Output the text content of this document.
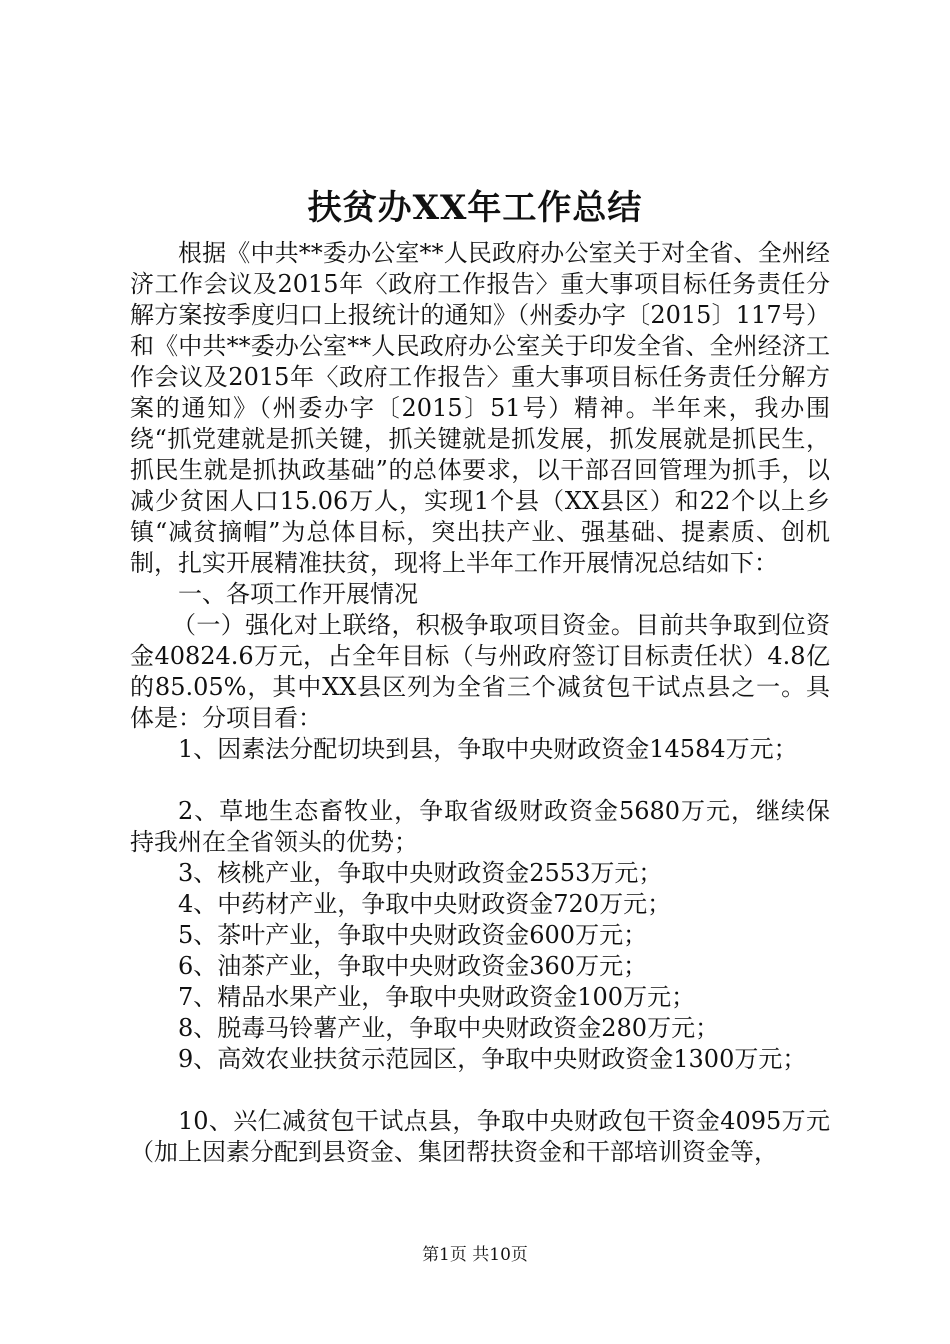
扶贫办XX年工作总结

根据《中共**委办公室**人民政府办公室关于对全省、全州经济工作会议及2015年〈政府工作报告〉重大事项目标任务责任分解方案按季度归口上报统计的通知》（州委办字〔2015〕117号）和《中共**委办公室**人民政府办公室关于印发全省、全州经济工作会议及2015年〈政府工作报告〉重大事项目标任务责任分解方案的通知》（州委办字〔2015〕51号）精神。半年来，我办围绕“抓党建就是抓关键，抓关键就是抓发展，抓发展就是抓民生，抓民生就是抓执政基础”的总体要求，以干部召回管理为抓手，以减少贫困人口15.06万人，实现1个县（XX县区）和22个以上乡镇“减贫摘帽”为总体目标，突出扶产业、强基础、提素质、创机制，扎实开展精准扶贫，现将上半年工作开展情况总结如下：

一、各项工作开展情况

（一）强化对上联络，积极争取项目资金。目前共争取到位资金40824.6万元，占全年目标（与州政府签订目标责任状）4.8亿的85.05%，其中XX县区列为全省三个减贫包干试点县之一。具体是：分项目看：

1、因素法分配切块到县，争取中央财政资金14584万元；

2、草地生态畜牧业，争取省级财政资金5680万元，继续保持我州在全省领头的优势；

3、核桃产业，争取中央财政资金2553万元；

4、中药材产业，争取中央财政资金720万元；

5、茶叶产业，争取中央财政资金600万元；

6、油茶产业，争取中央财政资金360万元；

7、精品水果产业，争取中央财政资金100万元；

8、脱毒马铃薯产业，争取中央财政资金280万元；

9、高效农业扶贫示范园区，争取中央财政资金1300万元；

10、兴仁减贫包干试点县，争取中央财政包干资金4095万元（加上因素分配到县资金、集团帮扶资金和干部培训资金等，

第1页 共10页
